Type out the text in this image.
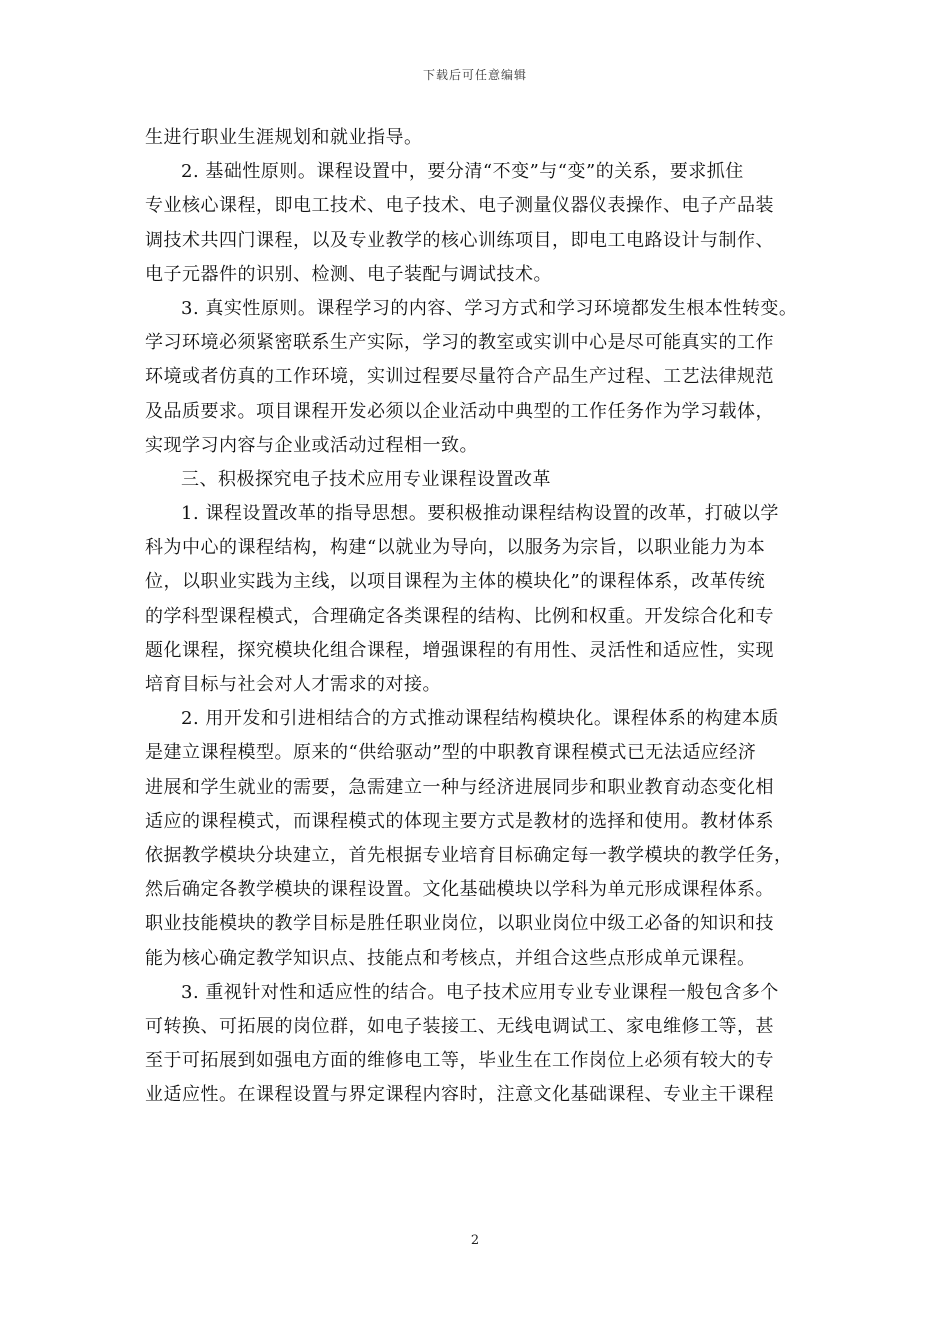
下载后可任意编辑
生进行职业生涯规划和就业指导。
2. 基础性原则。课程设置中，要分清“不变”与“变”的关系，要求抓住
专业核心课程，即电工技术、电子技术、电子测量仪器仪表操作、电子产品装
调技术共四门课程，以及专业教学的核心训练项目，即电工电路设计与制作、
电子元器件的识别、检测、电子装配与调试技术。
3. 真实性原则。课程学习的内容、学习方式和学习环境都发生根本性转变。
学习环境必须紧密联系生产实际，学习的教室或实训中心是尽可能真实的工作
环境或者仿真的工作环境，实训过程要尽量符合产品生产过程、工艺法律规范
及品质要求。项目课程开发必须以企业活动中典型的工作任务作为学习载体，
实现学习内容与企业或活动过程相一致。
三、积极探究电子技术应用专业课程设置改革
1. 课程设置改革的指导思想。要积极推动课程结构设置的改革，打破以学
科为中心的课程结构，构建“以就业为导向，以服务为宗旨，以职业能力为本
位，以职业实践为主线，以项目课程为主体的模块化”的课程体系，改革传统
的学科型课程模式，合理确定各类课程的结构、比例和权重。开发综合化和专
题化课程，探究模块化组合课程，增强课程的有用性、灵活性和适应性，实现
培育目标与社会对人才需求的对接。
2. 用开发和引进相结合的方式推动课程结构模块化。课程体系的构建本质
是建立课程模型。原来的“供给驱动”型的中职教育课程模式已无法适应经济
进展和学生就业的需要，急需建立一种与经济进展同步和职业教育动态变化相
适应的课程模式，而课程模式的体现主要方式是教材的选择和使用。教材体系
依据教学模块分块建立，首先根据专业培育目标确定每一教学模块的教学任务，
然后确定各教学模块的课程设置。文化基础模块以学科为单元形成课程体系。
职业技能模块的教学目标是胜任职业岗位，以职业岗位中级工必备的知识和技
能为核心确定教学知识点、技能点和考核点，并组合这些点形成单元课程。
3. 重视针对性和适应性的结合。电子技术应用专业专业课程一般包含多个
可转换、可拓展的岗位群，如电子装接工、无线电调试工、家电维修工等，甚
至于可拓展到如强电方面的维修电工等，毕业生在工作岗位上必须有较大的专
业适应性。在课程设置与界定课程内容时，注意文化基础课程、专业主干课程
2
